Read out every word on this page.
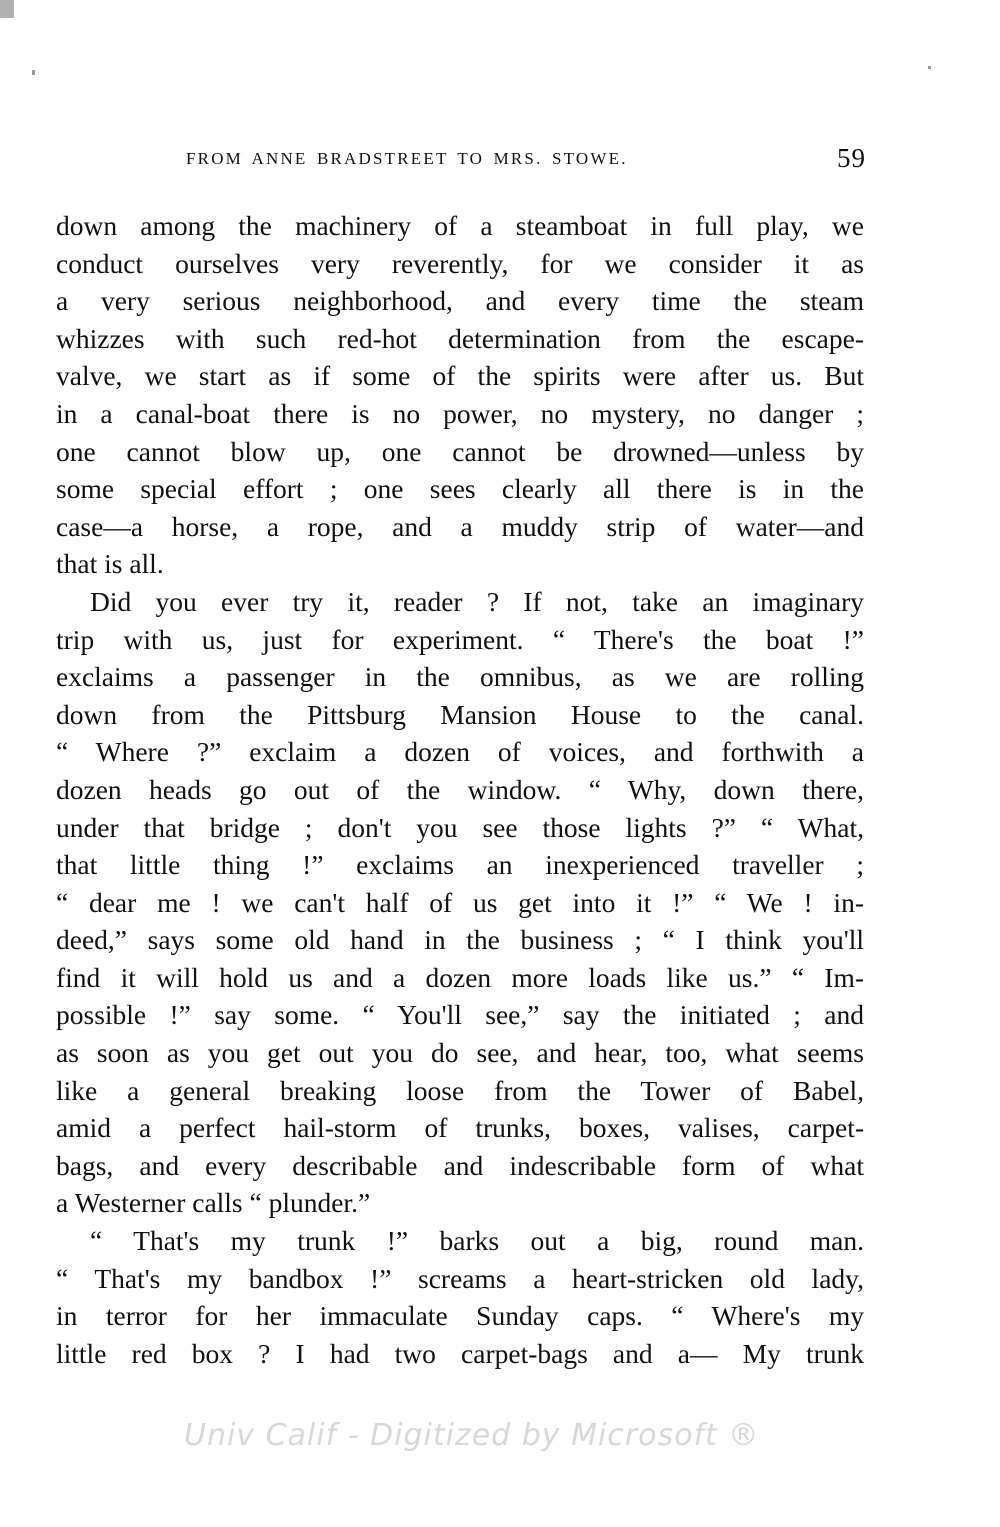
FROM ANNE BRADSTREET TO MRS. STOWE.	59
down among the machinery of a steamboat in full play, we
conduct ourselves very reverently, for we consider it as
a very serious neighborhood, and every time the steam
whizzes with such red-hot determination from the escape-
valve, we start as if some of the spirits were after us. But
in a canal-boat there is no power, no mystery, no danger ;
one cannot blow up, one cannot be drowned—unless by
some special effort ; one sees clearly all there is in the
case—a horse, a rope, and a muddy strip of water—and
that is all.
Did you ever try it, reader ? If not, take an imaginary
trip with us, just for experiment. “ There's the boat !”
exclaims a passenger in the omnibus, as we are rolling
down from the Pittsburg Mansion House to the canal.
“ Where ?” exclaim a dozen of voices, and forthwith a
dozen heads go out of the window. “ Why, down there,
under that bridge ; don't you see those lights ?” “ What,
that little thing !” exclaims an inexperienced traveller ;
“ dear me ! we can't half of us get into it !” “ We ! in-
deed,” says some old hand in the business ; “ I think you'll
find it will hold us and a dozen more loads like us.” “ Im-
possible !” say some. “ You'll see,” say the initiated ; and
as soon as you get out you do see, and hear, too, what seems
like a general breaking loose from the Tower of Babel,
amid a perfect hail-storm of trunks, boxes, valises, carpet-
bags, and every describable and indescribable form of what
a Westerner calls “ plunder.”
“ That's my trunk !” barks out a big, round man.
“ That's my bandbox !” screams a heart-stricken old lady,
in terror for her immaculate Sunday caps. “ Where's my
little red box ? I had two carpet-bags and a— My trunk
Univ Calif - Digitized by Microsoft ®
